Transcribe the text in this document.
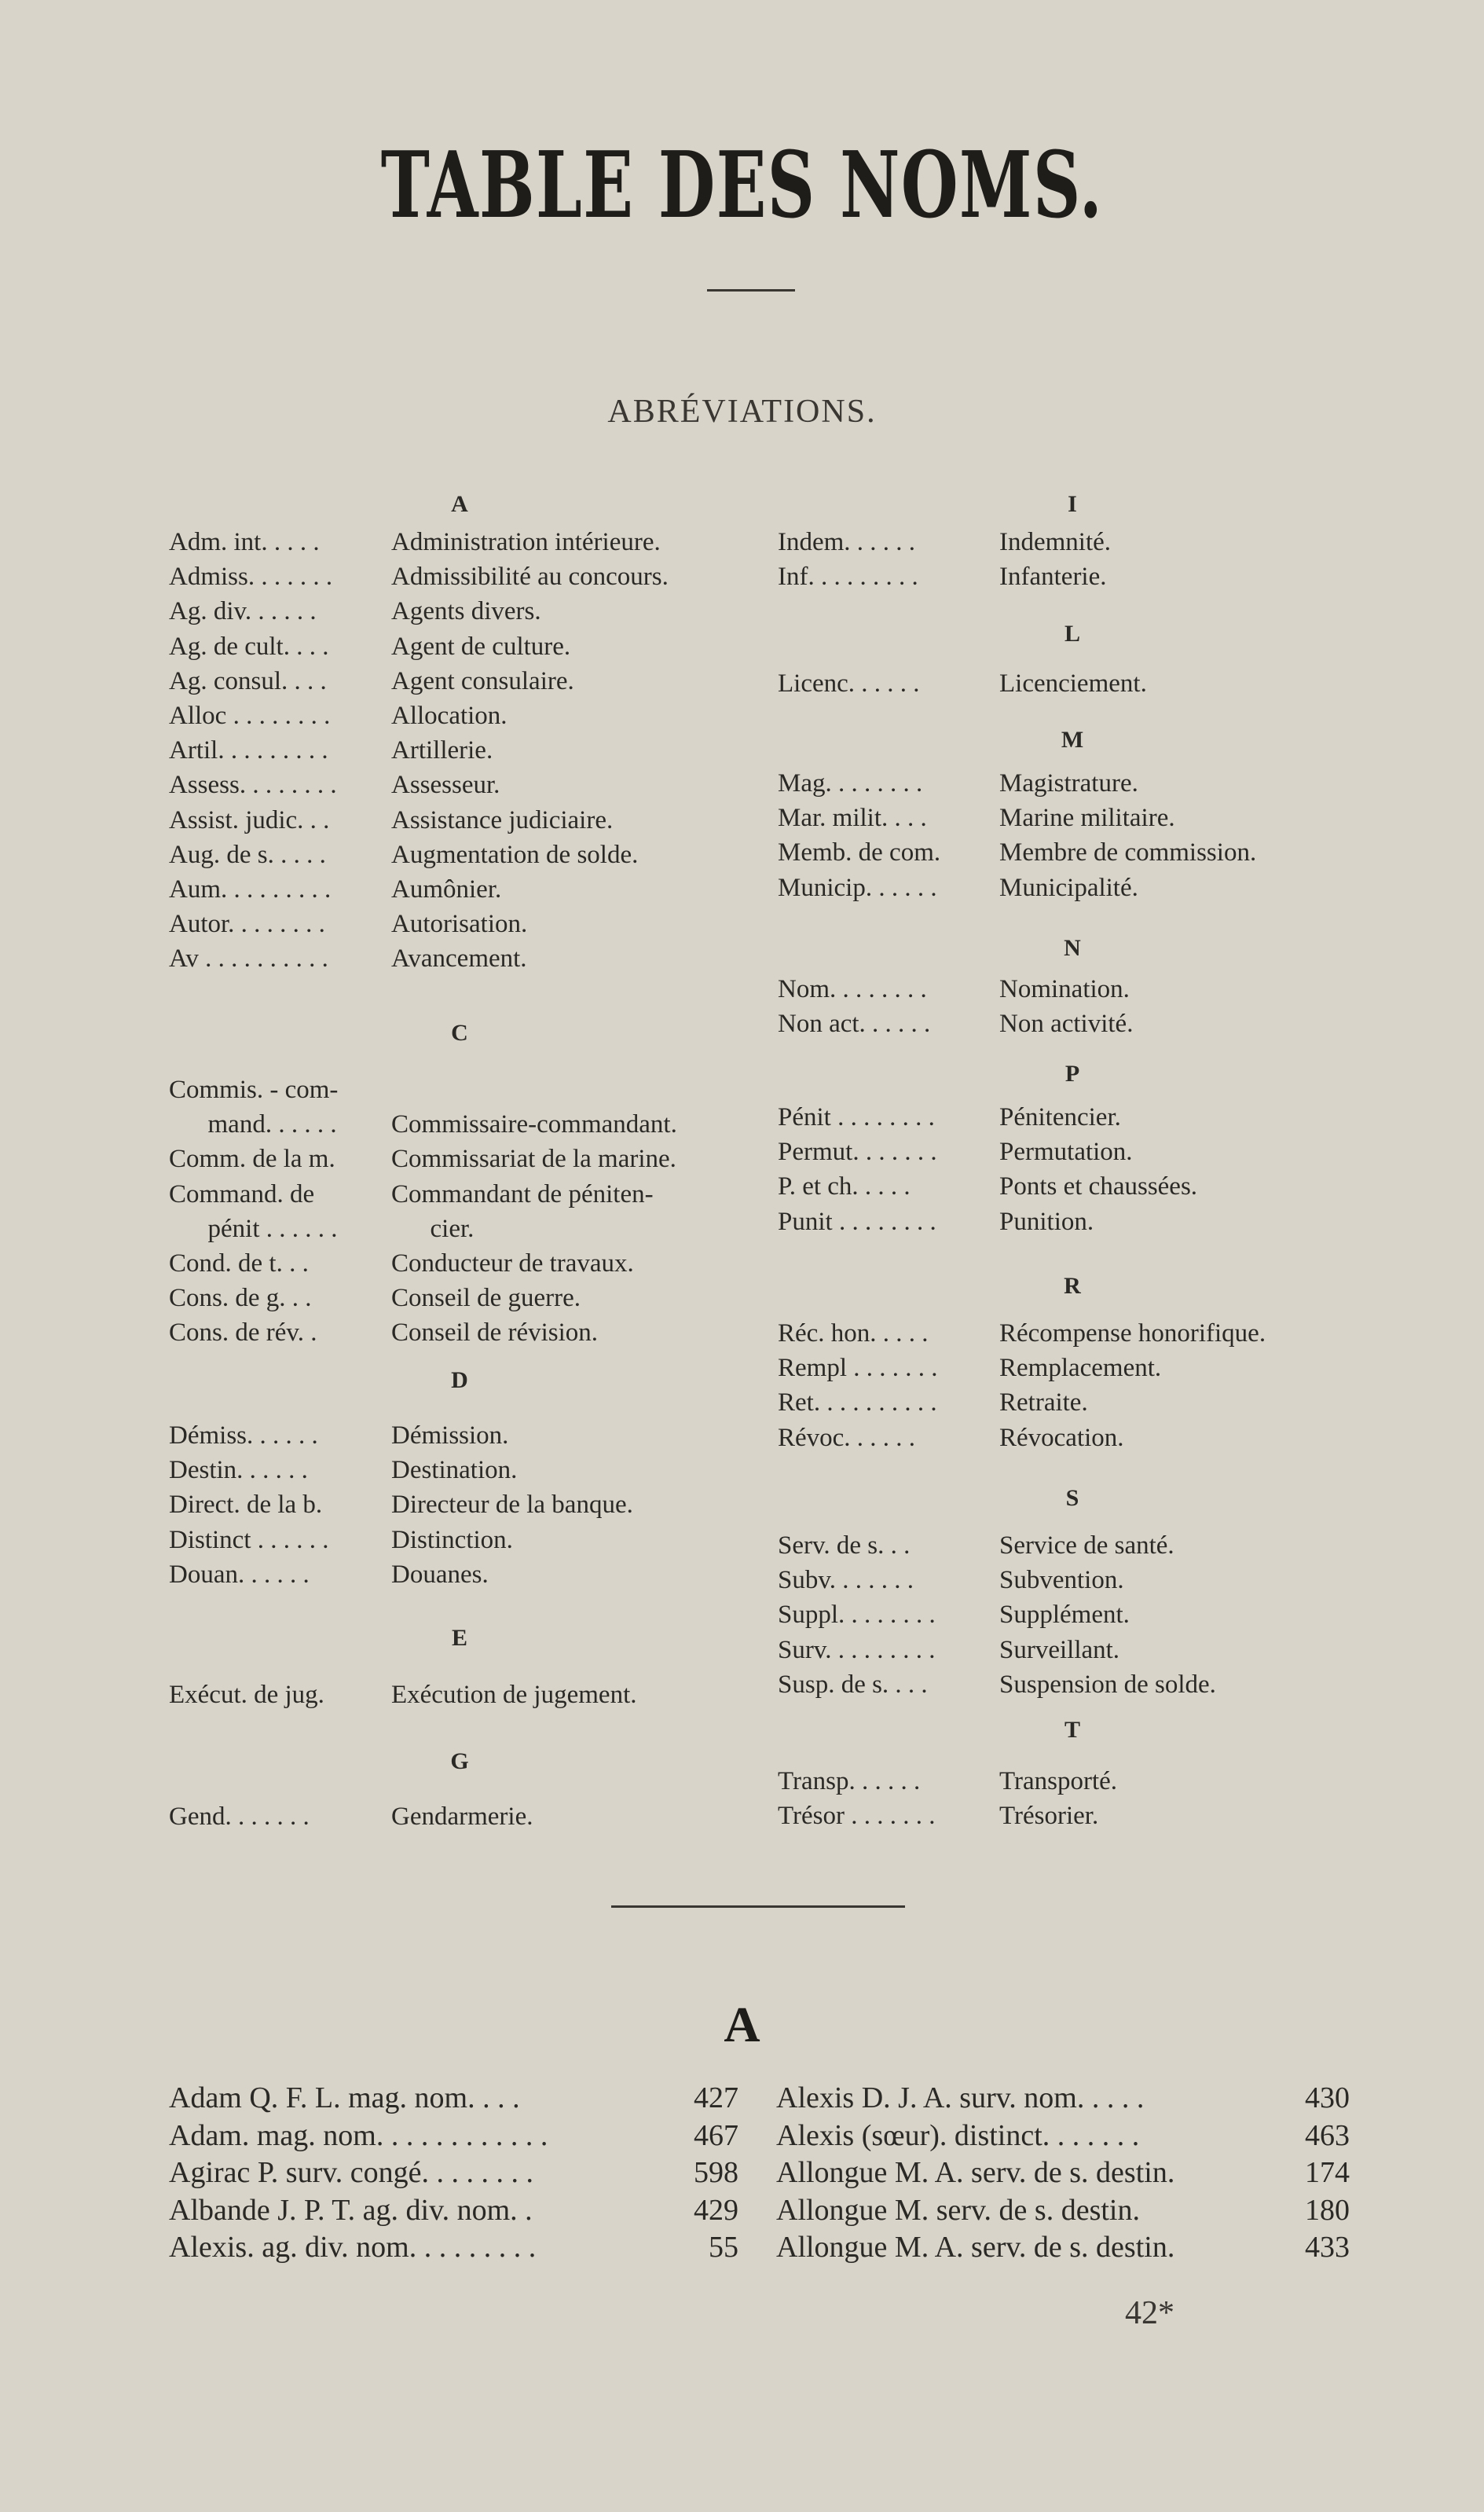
TABLE DES NOMS.
ABRÉVIATIONS.
A
Adm. int. . . . .	Administration intérieure.
Admiss. . . . . . . Admissibilité au concours.
Ag. div. . . . . .	Agents divers.
Ag. de cult. . . . Agent de culture.
Ag. consul. . . . Agent consulaire.
Alloc . . . . . . . . Allocation.
Artil. . . . . . . . . Artillerie.
Assess. . . . . . . . Assesseur.
Assist. judic. . . Assistance judiciaire.
Aug. de s. . . . .	Augmentation de solde.
Aum. . . . . . . . . Aumônier.
Autor. . . . . . . .	Autorisation.
Av . . . . . . . . . . Avancement.
C
Commis. - com-
mand. . . . . . Commissaire-commandant.
Comm. de la m. Commissariat de la marine.
Command. de	Commandant de péniten-
pénit . . . . . . cier.
Cond. de t. . .	Conducteur de travaux.
Cons. de g. . .	Conseil de guerre.
Cons. de rév. .	Conseil de révision.
D
Démiss. . . . . .	Démission.
Destin. . . . . .	Destination.
Direct. de la b.	Directeur de la banque.
Distinct . . . . . . Distinction.
Douan. . . . . .	Douanes.
E
Exécut. de jug.	Exécution de jugement.
G
Gend. . . . . . .	Gendarmerie.
I
Indem. . . . . .	Indemnité.
Inf. . . . . . . . .	Infanterie.
L
Licenc. . . . . .	Licenciement.
M
Mag. . . . . . . .	Magistrature.
Mar. milit. . . .	Marine militaire.
Memb. de com. Membre de commission.
Municip. . . . . . Municipalité.
N
Nom. . . . . . . .	Nomination.
Non act. . . . . .	Non activité.
P
Pénit . . . . . . . . Pénitencier.
Permut. . . . . . . Permutation.
P. et ch. . . . .	Ponts et chaussées.
Punit . . . . . . . . Punition.
R
Réc. hon. . . . .	Récompense honorifique.
Rempl . . . . . . . Remplacement.
Ret. . . . . . . . . . Retraite.
Révoc. . . . . .	Révocation.
S
Serv. de s. . .	Service de santé.
Subv. . . . . . .	Subvention.
Suppl. . . . . . . . Supplément.
Surv. . . . . . . . . Surveillant.
Susp. de s. . . .	Suspension de solde.
T
Transp. . . . . .	Transporté.
Trésor . . . . . . . Trésorier.
A
Adam Q. F. L. mag. nom. . . .	427
Adam. mag. nom. . . . . . . . . . . .	467
Agirac P. surv. congé. . . . . . . .	598
Albande J. P. T. ag. div. nom. .	429
Alexis. ag. div. nom. . . . . . . . .	55
Alexis D. J. A. surv. nom. . . . .	430
Alexis (sœur). distinct. . . . . . .	463
Allongue M. A. serv. de s. destin.	174
Allongue M. serv. de s. destin.	180
Allongue M. A. serv. de s. destin.	433
42*
